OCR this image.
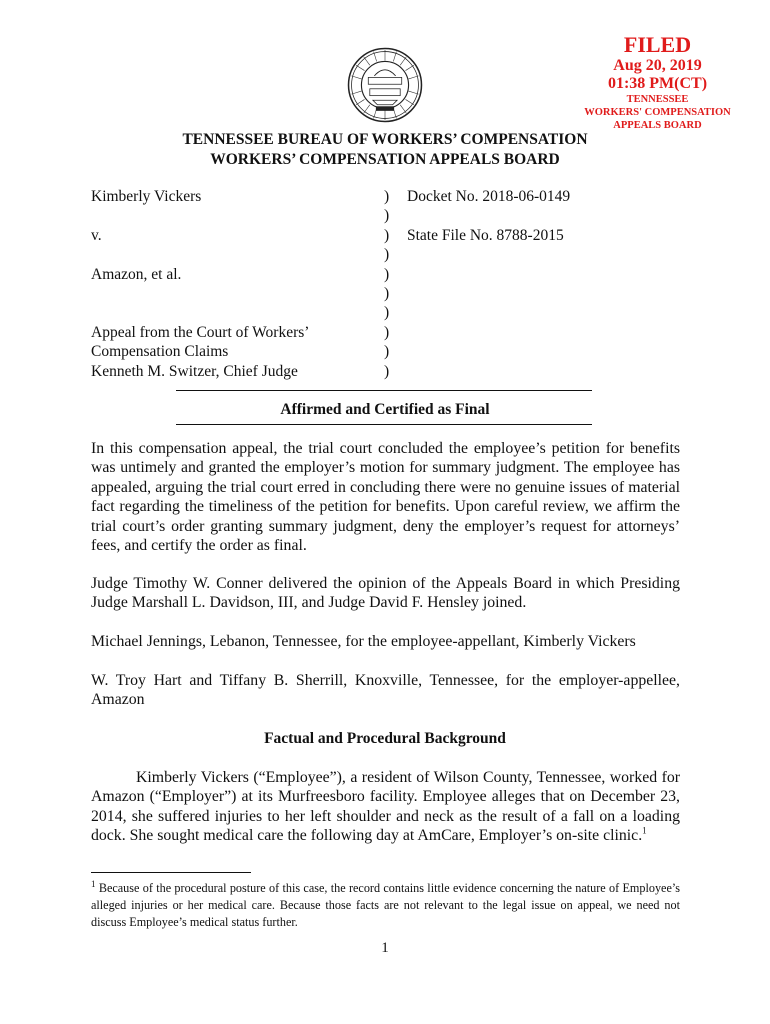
FILED
Aug 20, 2019
01:38 PM(CT)
TENNESSEE
WORKERS' COMPENSATION
APPEALS BOARD
TENNESSEE BUREAU OF WORKERS’ COMPENSATION
WORKERS’ COMPENSATION APPEALS BOARD
Kimberly Vickers	) Docket No. 2018-06-0149
)
v.	) State File No. 8788-2015
)
Amazon, et al.	)
)
)
Appeal from the Court of Workers’	)
Compensation Claims	)
Kenneth M. Switzer, Chief Judge	)
Affirmed and Certified as Final

In this compensation appeal, the trial court concluded the employee’s petition for benefits was untimely and granted the employer’s motion for summary judgment. The employee has appealed, arguing the trial court erred in concluding there were no genuine issues of material fact regarding the timeliness of the petition for benefits. Upon careful review, we affirm the trial court’s order granting summary judgment, deny the employer’s request for attorneys’ fees, and certify the order as final.

Judge Timothy W. Conner delivered the opinion of the Appeals Board in which Presiding Judge Marshall L. Davidson, III, and Judge David F. Hensley joined.

Michael Jennings, Lebanon, Tennessee, for the employee-appellant, Kimberly Vickers

W. Troy Hart and Tiffany B. Sherrill, Knoxville, Tennessee, for the employer-appellee, Amazon

Factual and Procedural Background

Kimberly Vickers (“Employee”), a resident of Wilson County, Tennessee, worked for Amazon (“Employer”) at its Murfreesboro facility. Employee alleges that on December 23, 2014, she suffered injuries to her left shoulder and neck as the result of a fall on a loading dock. She sought medical care the following day at AmCare, Employer’s on-site clinic.$^1$

$^1$ Because of the procedural posture of this case, the record contains little evidence concerning the nature of Employee’s alleged injuries or her medical care. Because those facts are not relevant to the legal issue on appeal, we need not discuss Employee’s medical status further.

1
